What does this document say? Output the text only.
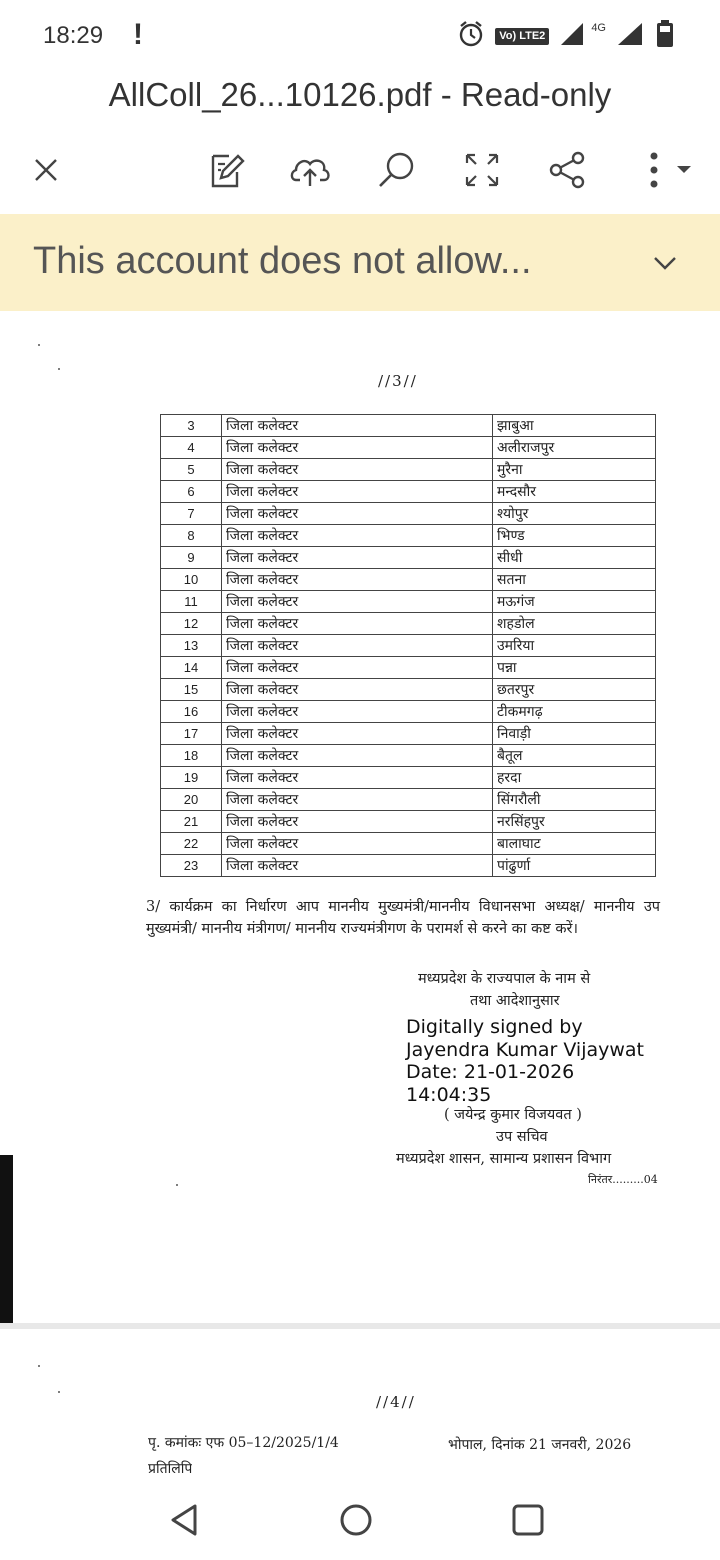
18:29 !	Vo) LTE2
4G
AllColl_26...10126.pdf - Read-only
This account does not allow...
//3//
3	जिला कलेक्टर	झाबुआ
4	जिला कलेक्टर	अलीराजपुर
5	जिला कलेक्टर	मुरैना
6	जिला कलेक्टर	मन्दसौर
7	जिला कलेक्टर	श्योपुर
8	जिला कलेक्टर	भिण्ड
9	जिला कलेक्टर	सीधी
10	जिला कलेक्टर	सतना
11	जिला कलेक्टर	मऊगंज
12	जिला कलेक्टर	शहडोल
13	जिला कलेक्टर	उमरिया
14	जिला कलेक्टर	पन्ना
15	जिला कलेक्टर	छतरपुर
16	जिला कलेक्टर	टीकमगढ़
17	जिला कलेक्टर	निवाड़ी
18	जिला कलेक्टर	बैतूल
19	जिला कलेक्टर	हरदा
20	जिला कलेक्टर	सिंगरौली
21	जिला कलेक्टर	नरसिंहपुर
22	जिला कलेक्टर	बालाघाट
23	जिला कलेक्टर	पांढुर्णा
3/ कार्यक्रम का निर्धारण आप माननीय मुख्यमंत्री/माननीय विधानसभा अध्यक्ष/ माननीय उप मुख्यमंत्री/ माननीय मंत्रीगण/ माननीय राज्यमंत्रीगण के परामर्श से करने का कष्ट करें।
मध्यप्रदेश के राज्यपाल के नाम से
तथा आदेशानुसार
Digitally signed by
Jayendra Kumar Vijaywat
Date: 21-01-2026
14:04:35
( जयेन्द्र कुमार विजयवत )
उप सचिव
मध्यप्रदेश शासन, सामान्य प्रशासन विभाग
निरंतर.........04
//4//
पृ. कमांकः एफ 05–12/2025/1/4	भोपाल, दिनांक 21 जनवरी, 2026
प्रतिलिपि
